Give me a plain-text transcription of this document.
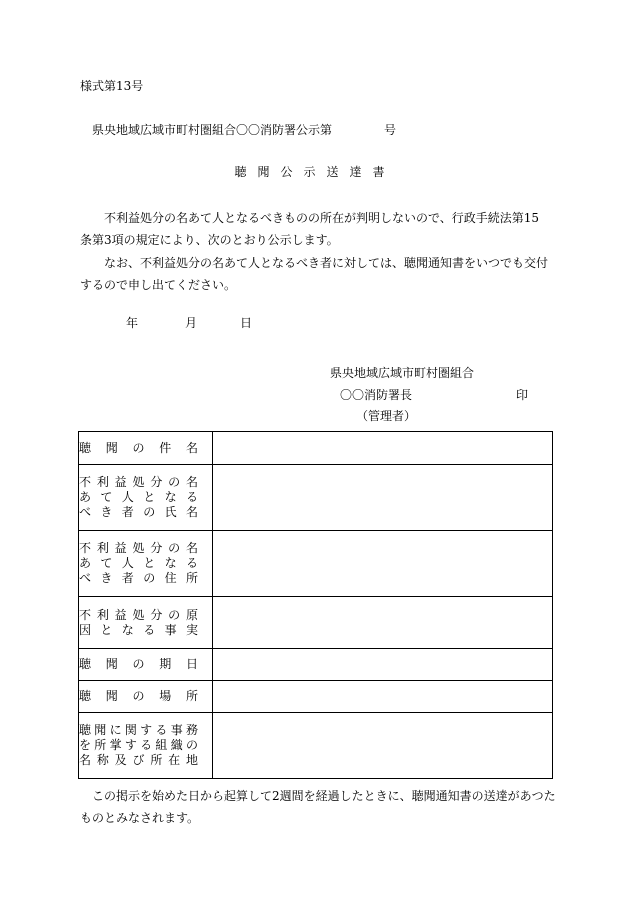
様式第13号
県央地域広域市町村圏組合〇〇消防署公示第	号
聴聞公示送達書
不利益処分の名あて人となるべきものの所在が判明しないので、行政手続法第15条第3項の規定により、次のとおり公示します。
なお、不利益処分の名あて人となるべき者に対しては、聴聞通知書をいつでも交付するので申し出てください。
年	月	日
県央地域広域市町村圏組合
〇〇消防署長	印
（管理者）
聴聞の件名	

不利益処分の名
あて人となる
べき者の氏名	

不利益処分の名
あて人となる
べき者の住所	

不利益処分の原
因となる事実	

聴聞の期日	

聴聞の場所	

聴聞に関する事務
を所掌する組織の
名称及び所在地	

この掲示を始めた日から起算して2週間を経過したときに、聴聞通知書の送達があつたものとみなされます。
